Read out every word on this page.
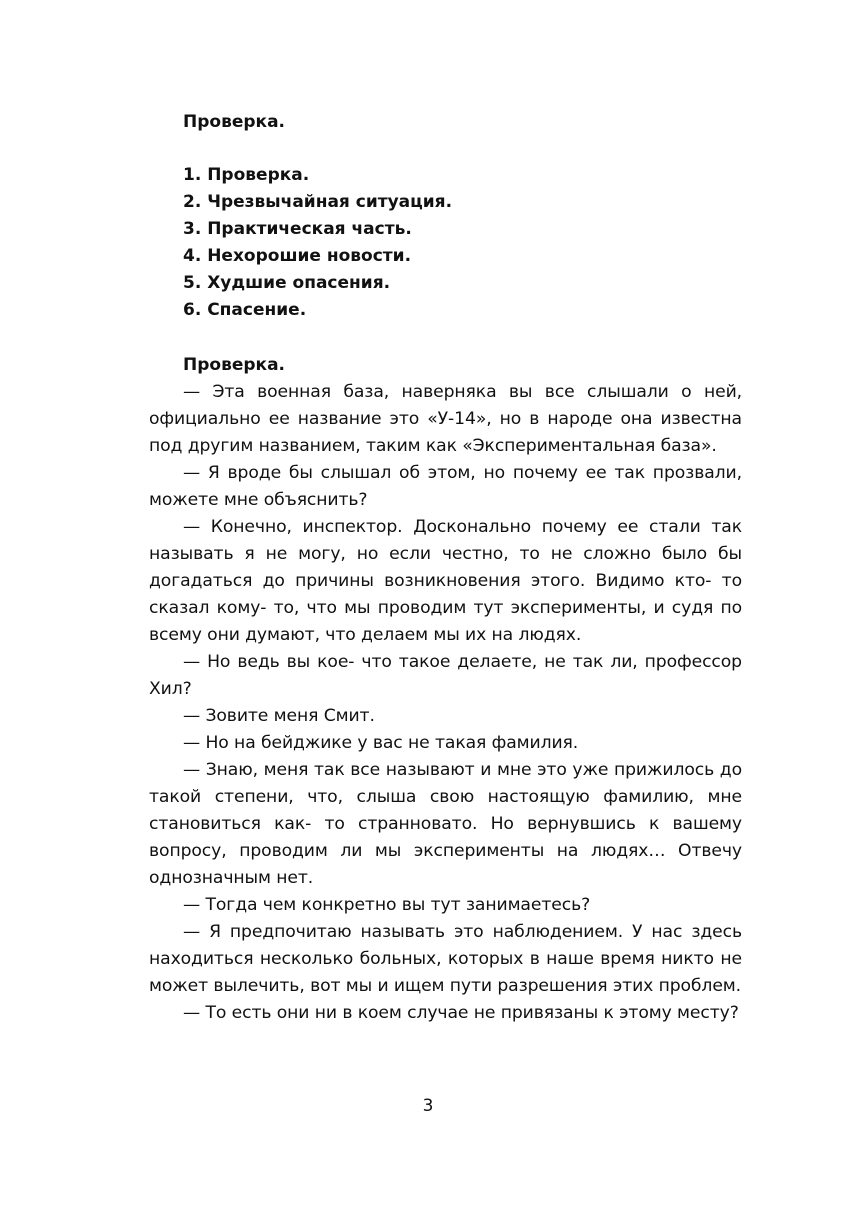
Проверка.
1. Проверка.
2. Чрезвычайная ситуация.
3. Практическая часть.
4. Нехорошие новости.
5. Худшие опасения.
6. Спасение.
Проверка.

— Эта военная база, наверняка вы все слышали о ней, официально ее название это «У-14», но в народе она известна под другим названием, таким как «Экспериментальная база».

— Я вроде бы слышал об этом, но почему ее так прозвали, можете мне объяснить?

— Конечно, инспектор. Досконально почему ее стали так называть я не могу, но если честно, то не сложно было бы догадаться до причины возникновения этого. Видимо кто- то сказал кому- то, что мы проводим тут эксперименты, и судя по всему они думают, что делаем мы их на людях.

— Но ведь вы кое- что такое делаете, не так ли, профессор Хил?

— Зовите меня Смит.

— Но на бейджике у вас не такая фамилия.

— Знаю, меня так все называют и мне это уже прижилось до такой степени, что, слыша свою настоящую фамилию, мне становиться как- то странновато. Но вернувшись к вашему вопросу, проводим ли мы эксперименты на людях… Отвечу однозначным нет.

— Тогда чем конкретно вы тут занимаетесь?

— Я предпочитаю называть это наблюдением. У нас здесь находиться несколько больных, которых в наше время никто не может вылечить, вот мы и ищем пути разрешения этих проблем.

— То есть они ни в коем случае не привязаны к этому месту?

3
